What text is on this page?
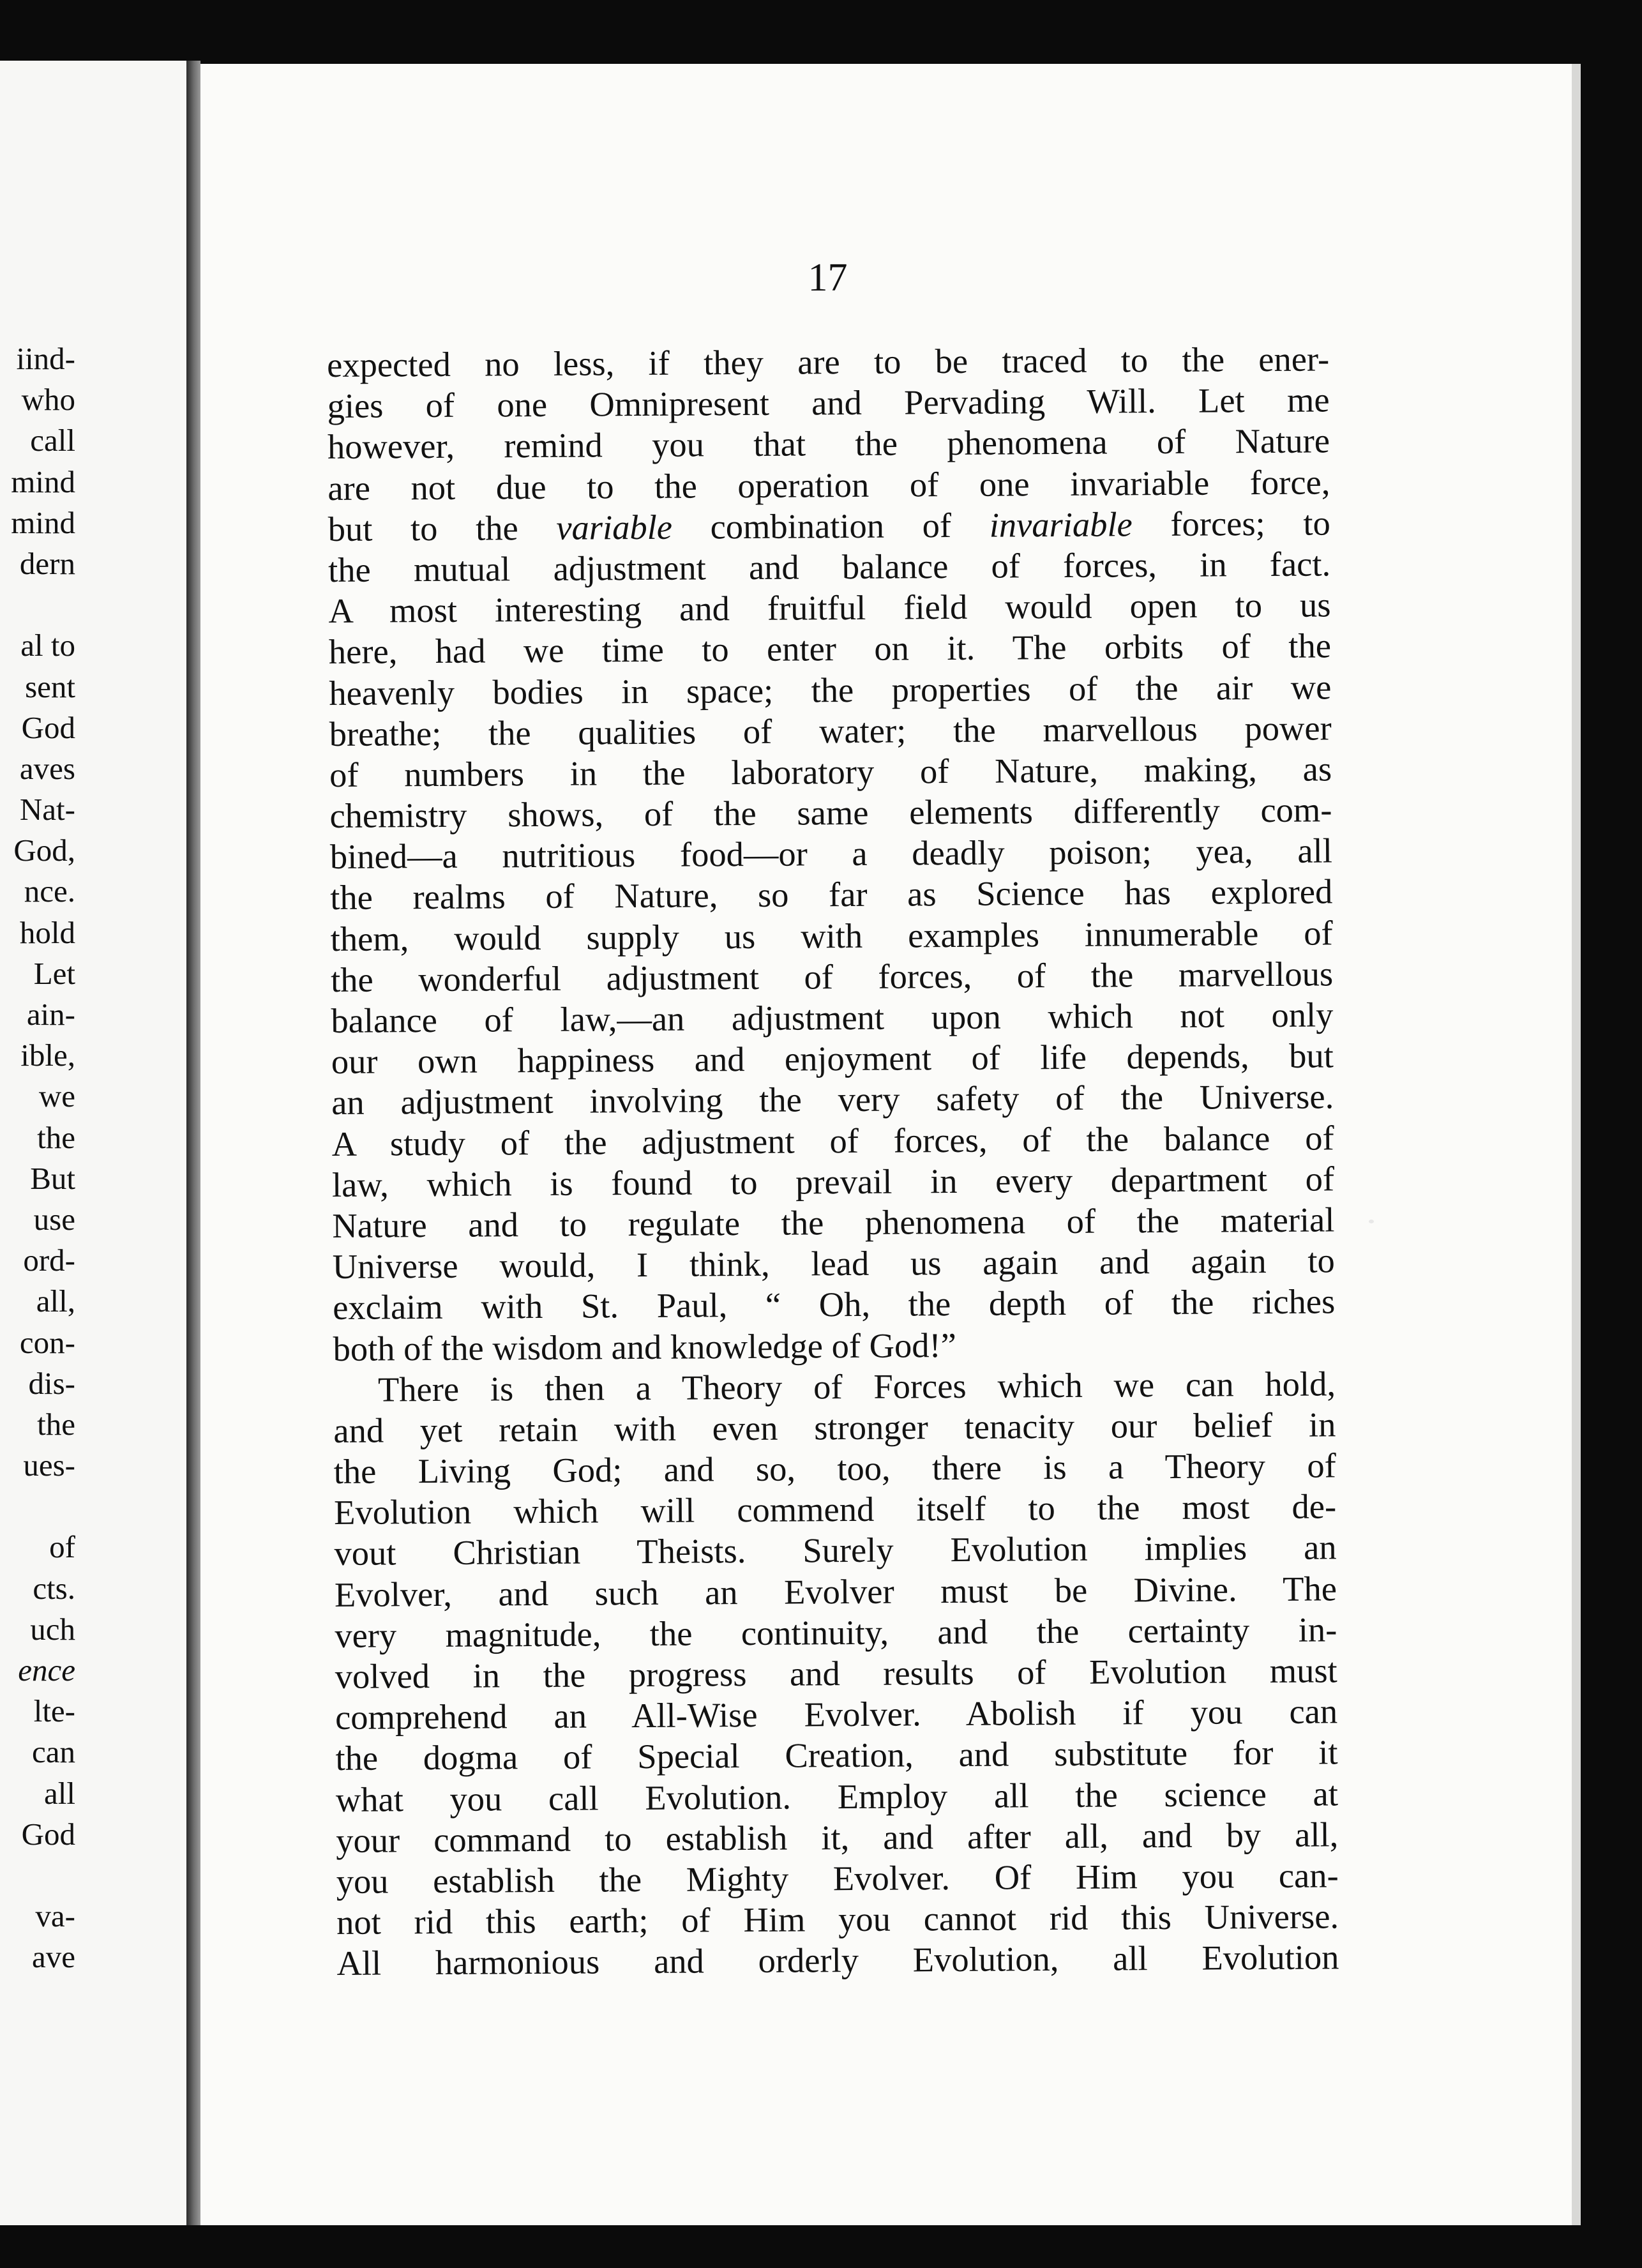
iind-
who
call
mind
mind
dern
al to
sent
God
aves
Nat-
God,
nce.
hold
Let
ain-
ible,
we
the
But
use
ord-
all,
con-
dis-
the
ues-
of
cts.
uch
ence
lte-
can
all
God
va-
ave

17

expected no less, if they are to be traced to the ener-
gies of one Omnipresent and Pervading Will. Let me
however, remind you that the phenomena of Nature
are not due to the operation of one invariable force,
but to the variable combination of invariable forces; to
the mutual adjustment and balance of forces, in fact.
A most interesting and fruitful field would open to us
here, had we time to enter on it. The orbits of the
heavenly bodies in space; the properties of the air we
breathe; the qualities of water; the marvellous power
of numbers in the laboratory of Nature, making, as
chemistry shows, of the same elements differently com-
bined—a nutritious food—or a deadly poison; yea, all
the realms of Nature, so far as Science has explored
them, would supply us with examples innumerable of
the wonderful adjustment of forces, of the marvellous
balance of law,—an adjustment upon which not only
our own happiness and enjoyment of life depends, but
an adjustment involving the very safety of the Universe.
A study of the adjustment of forces, of the balance of
law, which is found to prevail in every department of
Nature and to regulate the phenomena of the material
Universe would, I think, lead us again and again to
exclaim with St. Paul, “ Oh, the depth of the riches
both of the wisdom and knowledge of God!”
There is then a Theory of Forces which we can hold,
and yet retain with even stronger tenacity our belief in
the Living God; and so, too, there is a Theory of
Evolution which will commend itself to the most de-
vout Christian Theists. Surely Evolution implies an
Evolver, and such an Evolver must be Divine. The
very magnitude, the continuity, and the certainty in-
volved in the progress and results of Evolution must
comprehend an All-Wise Evolver. Abolish if you can
the dogma of Special Creation, and substitute for it
what you call Evolution. Employ all the science at
your command to establish it, and after all, and by all,
you establish the Mighty Evolver. Of Him you can-
not rid this earth; of Him you cannot rid this Universe.
All harmonious and orderly Evolution, all Evolution
